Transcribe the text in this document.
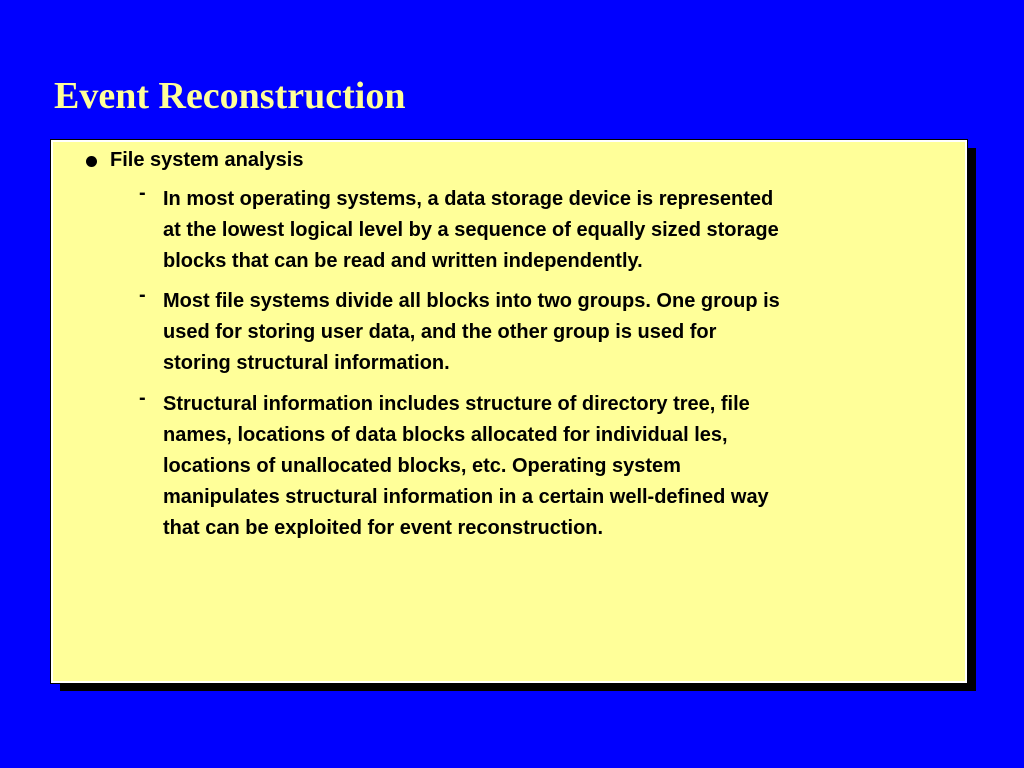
Event Reconstruction
File system analysis
- In most operating systems, a data storage device is represented
at the lowest logical level by a sequence of equally sized storage
blocks that can be read and written independently.
- Most file systems divide all blocks into two groups. One group is
used for storing user data, and the other group is used for
storing structural information.
- Structural information includes structure of directory tree, file
names, locations of data blocks allocated for individual les,
locations of unallocated blocks, etc. Operating system
manipulates structural information in a certain well-defined way
that can be exploited for event reconstruction.
